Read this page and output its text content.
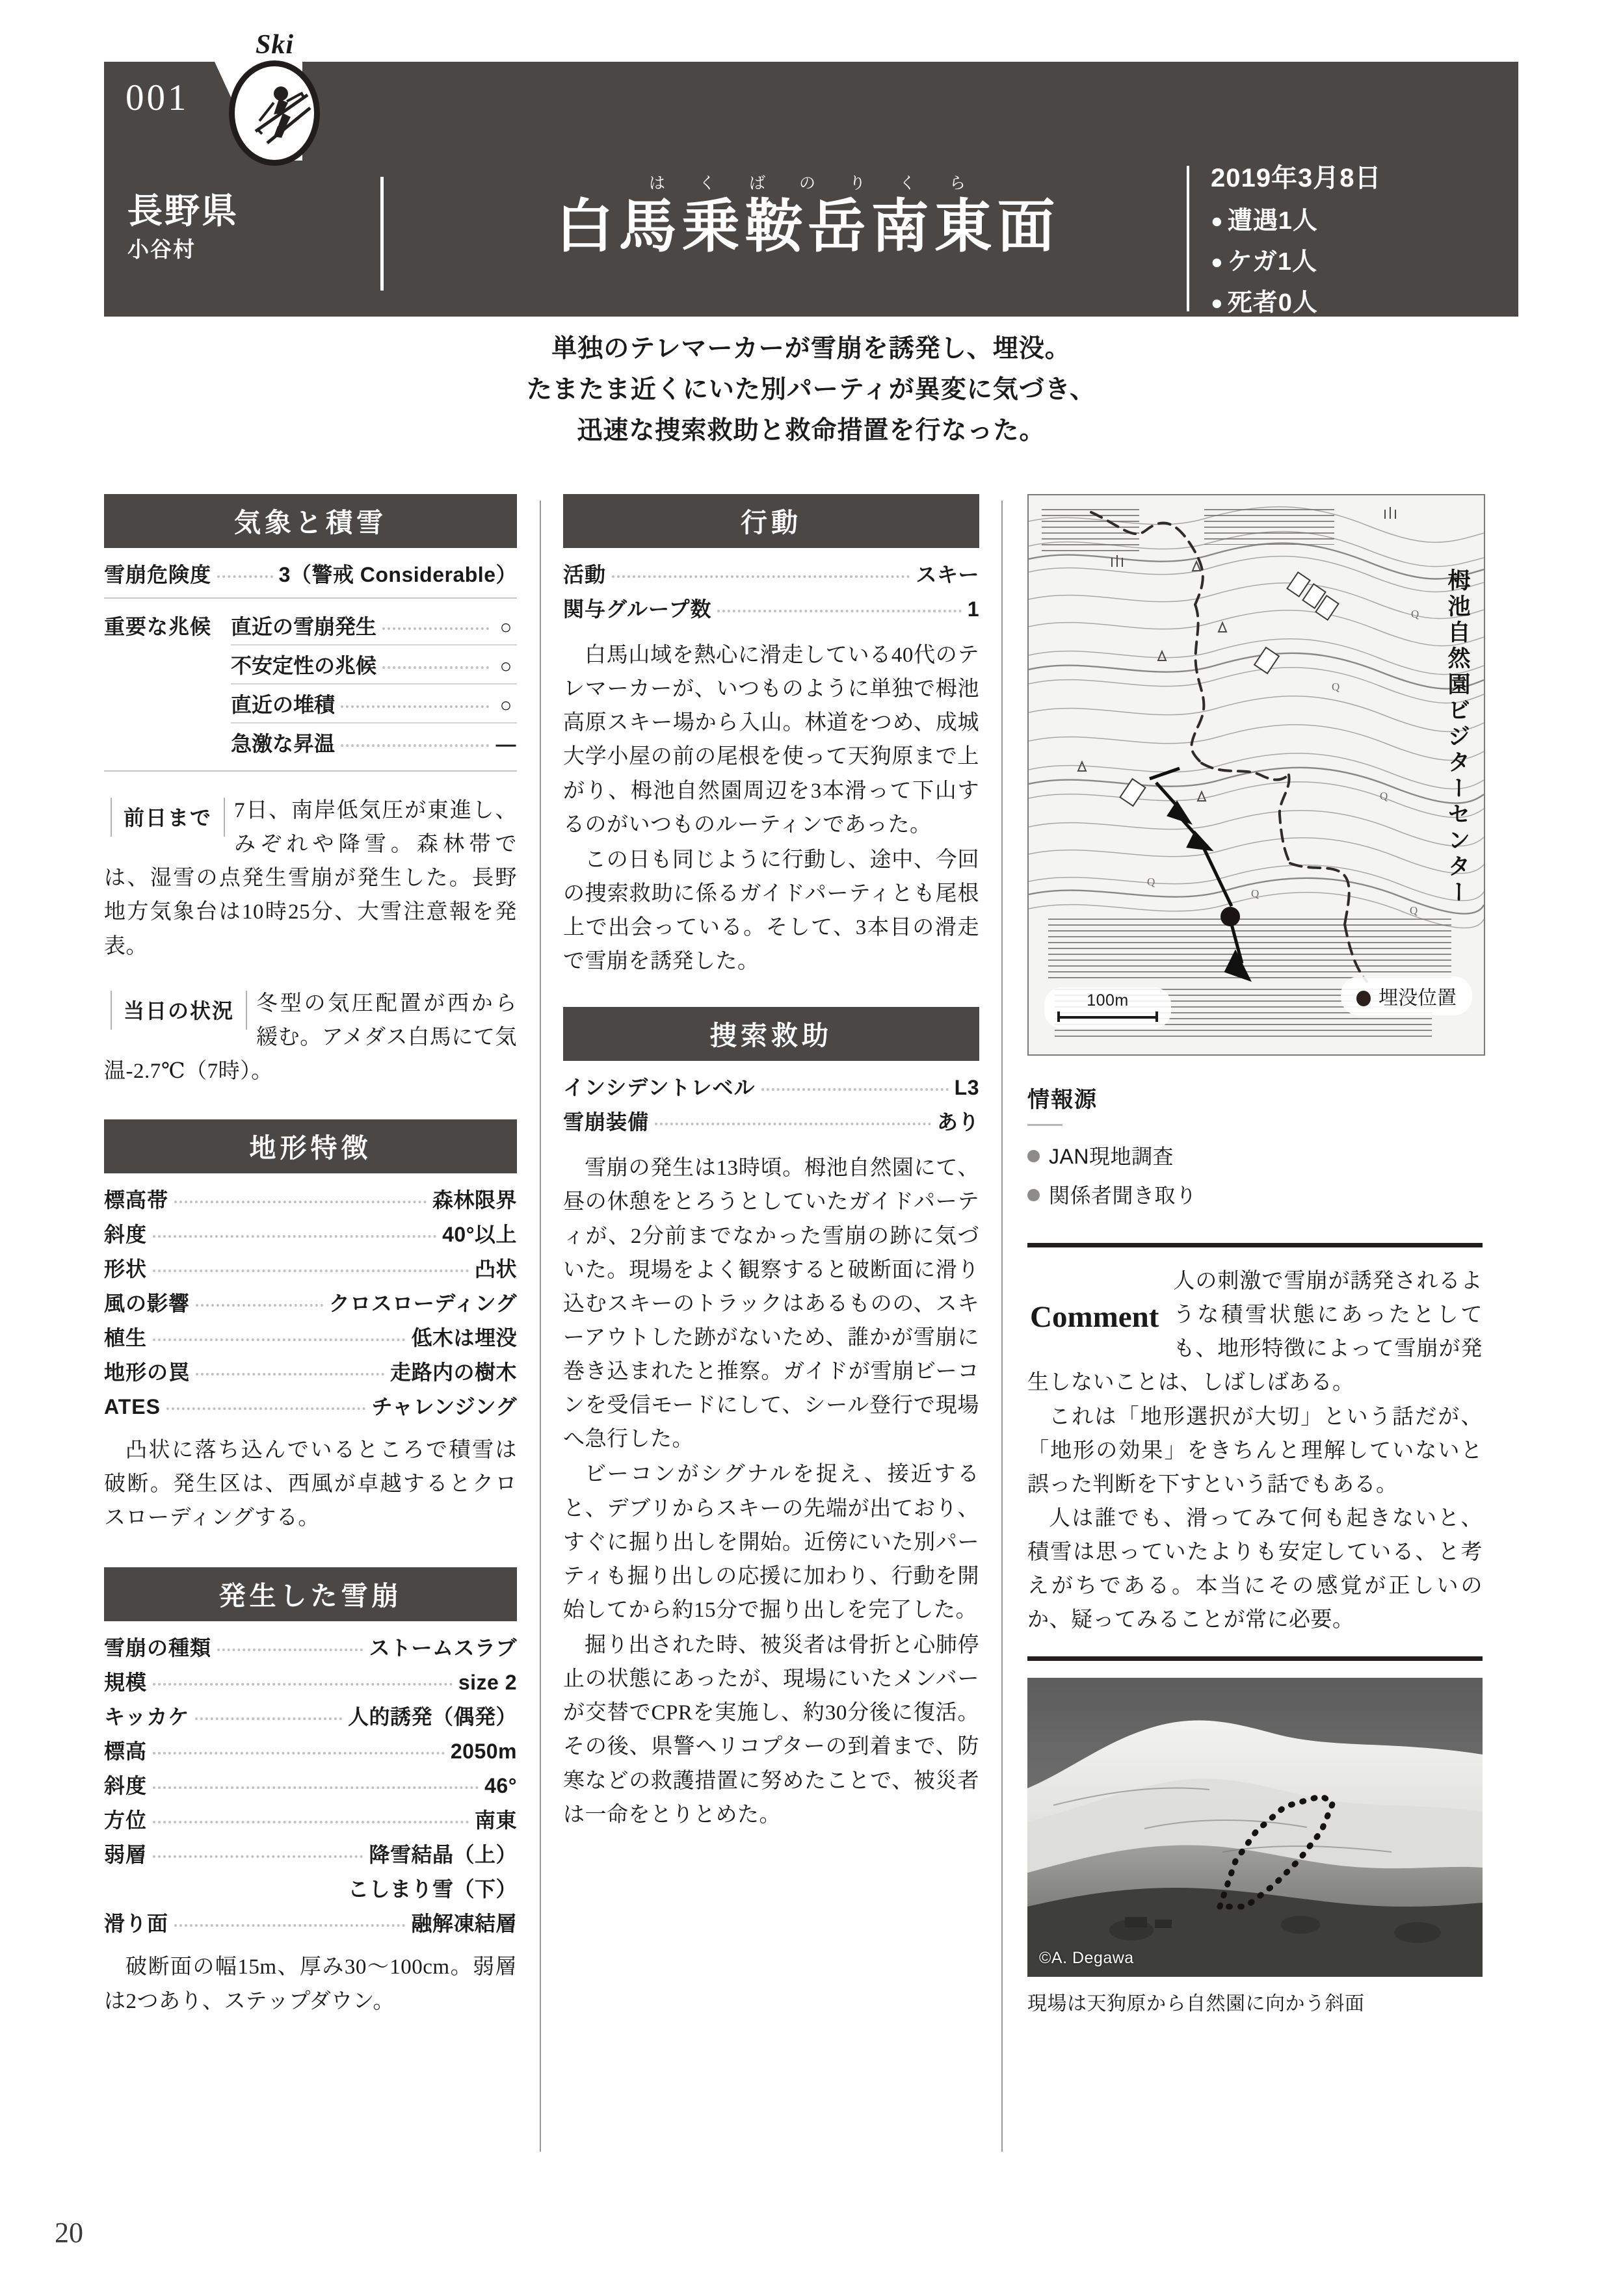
001
Ski
長野県
小谷村
はくばのりくら
白馬乗鞍岳南東面
2019年3月8日
● 遭遇1人
● ケガ1人
● 死者0人
単独のテレマーカーが雪崩を誘発し、埋没。
たまたま近くにいた別パーティが異変に気づき、
迅速な捜索救助と救命措置を行なった。
気象と積雪
雪崩危険度	3（警戒 Considerable）
重要な兆候 直近の雪崩発生	○
不安定性の兆候	○
直近の堆積	○
急激な昇温	—
前日まで	7日、南岸低気圧が東進し、みぞれや降雪。森林帯では、湿雪の点発生雪崩が発生した。長野地方気象台は10時25分、大雪注意報を発表。

当日の状況	冬型の気圧配置が西から緩む。アメダス白馬にて気温-2.7℃（7時）。

地形特徴
標高帯	森林限界
斜度	40°以上
形状	凸状
風の影響	クロスローディング
植生	低木は埋没
地形の罠	走路内の樹木
ATES	チャレンジング

凸状に落ち込んでいるところで積雪は破断。発生区は、西風が卓越するとクロスローディングする。

発生した雪崩
雪崩の種類	ストームスラブ
規模	size 2
キッカケ	人的誘発（偶発）
標高	2050m
斜度	46°
方位	南東
弱層	降雪結晶（上）
こしまり雪（下）
滑り面	融解凍結層

破断面の幅15m、厚み30〜100cm。弱層は2つあり、ステップダウン。

行動
活動	スキー
関与グループ数	1

白馬山域を熱心に滑走している40代のテレマーカーが、いつものように単独で栂池高原スキー場から入山。林道をつめ、成城大学小屋の前の尾根を使って天狗原まで上がり、栂池自然園周辺を3本滑って下山するのがいつものルーティンであった。

この日も同じように行動し、途中、今回の捜索救助に係るガイドパーティとも尾根上で出会っている。そして、3本目の滑走で雪崩を誘発した。

捜索救助
インシデントレベル	L3
雪崩装備	あり

雪崩の発生は13時頃。栂池自然園にて、昼の休憩をとろうとしていたガイドパーティが、2分前までなかった雪崩の跡に気づいた。現場をよく観察すると破断面に滑り込むスキーのトラックはあるものの、スキーアウトした跡がないため、誰かが雪崩に巻き込まれたと推察。ガイドが雪崩ビーコンを受信モードにして、シール登行で現場へ急行した。

ビーコンがシグナルを捉え、接近すると、デブリからスキーの先端が出ており、すぐに掘り出しを開始。近傍にいた別パーティも掘り出しの応援に加わり、行動を開始してから約15分で掘り出しを完了した。

掘り出された時、被災者は骨折と心肺停止の状態にあったが、現場にいたメンバーが交替でCPRを実施し、約30分後に復活。その後、県警ヘリコプターの到着まで、防寒などの救護措置に努めたことで、被災者は一命をとりとめた。

Q
Q
Q
Q
Q
Q
栂池自然園ビジターセンター
100m	埋没位置
情報源
JAN現地調査
関係者聞き取り
Comment

人の刺激で雪崩が誘発されるような積雪状態にあったとしても、地形特徴によって雪崩が発生しないことは、しばしばある。

これは「地形選択が大切」という話だが、「地形の効果」をきちんと理解していないと誤った判断を下すという話でもある。

人は誰でも、滑ってみて何も起きないと、積雪は思っていたよりも安定している、と考えがちである。本当にその感覚が正しいのか、疑ってみることが常に必要。

©A. Degawa
現場は天狗原から自然園に向かう斜面
20
